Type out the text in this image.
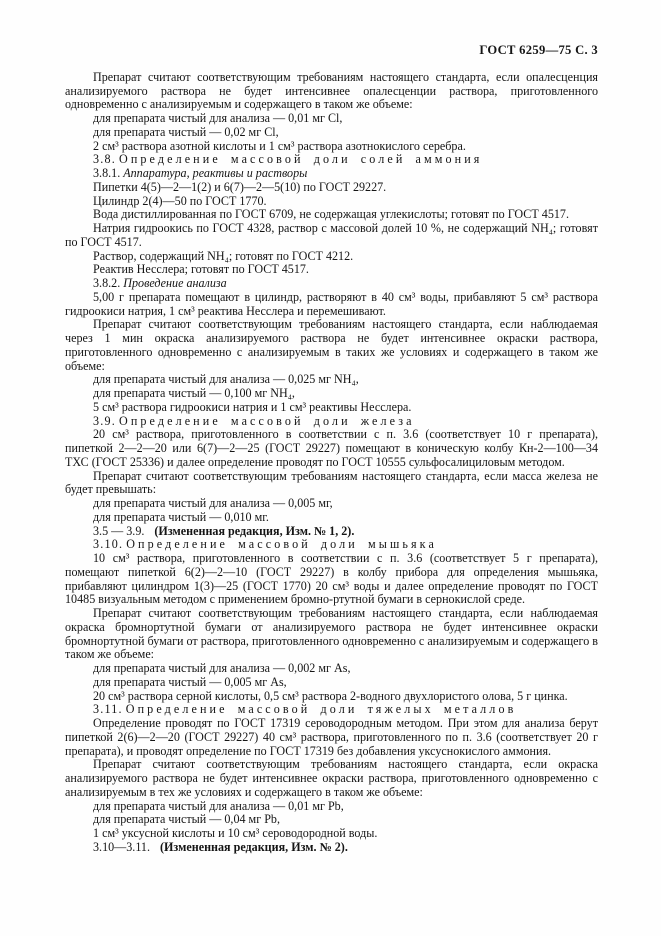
ГОСТ 6259—75 С. 3

Препарат считают соответствующим требованиям настоящего стандарта, если опалесценция анализируемого раствора не будет интенсивнее опалесценции раствора, приготовленного одновременно с анализируемым и содержащего в таком же объеме:

для препарата чистый для анализа — 0,01 мг Cl,

для препарата чистый — 0,02 мг Cl,

2 см³ раствора азотной кислоты и 1 см³ раствора азотнокислого серебра.

3.8. Определение массовой доли солей аммония

3.8.1. Аппаратура, реактивы и растворы

Пипетки 4(5)—2—1(2) и 6(7)—2—5(10) по ГОСТ 29227.

Цилиндр 2(4)—50 по ГОСТ 1770.

Вода дистиллированная по ГОСТ 6709, не содержащая углекислоты; готовят по ГОСТ 4517.

Натрия гидроокись по ГОСТ 4328, раствор с массовой долей 10 %, не содержащий NH₄; готовят по ГОСТ 4517.

Раствор, содержащий NH₄; готовят по ГОСТ 4212.

Реактив Несслера; готовят по ГОСТ 4517.

3.8.2. Проведение анализа

5,00 г препарата помещают в цилиндр, растворяют в 40 см³ воды, прибавляют 5 см³ раствора гидроокиси натрия, 1 см³ реактива Несслера и перемешивают.

Препарат считают соответствующим требованиям настоящего стандарта, если наблюдаемая через 1 мин окраска анализируемого раствора не будет интенсивнее окраски раствора, приготовленного одновременно с анализируемым в таких же условиях и содержащего в таком же объеме:

для препарата чистый для анализа — 0,025 мг NH₄,

для препарата чистый — 0,100 мг NH₄,

5 см³ раствора гидроокиси натрия и 1 см³ реактивы Несслера.

3.9. Определение массовой доли железа

20 см³ раствора, приготовленного в соответствии с п. 3.6 (соответствует 10 г препарата), пипеткой 2—2—20 или 6(7)—2—25 (ГОСТ 29227) помещают в коническую колбу Кн-2—100—34 ТХС (ГОСТ 25336) и далее определение проводят по ГОСТ 10555 сульфосалициловым методом.

Препарат считают соответствующим требованиям настоящего стандарта, если масса железа не будет превышать:

для препарата чистый для анализа — 0,005 мг,

для препарата чистый — 0,010 мг.

3.5 — 3.9. (Измененная редакция, Изм. № 1, 2).

3.10. Определение массовой доли мышьяка

10 см³ раствора, приготовленного в соответствии с п. 3.6 (соответствует 5 г препарата), помещают пипеткой 6(2)—2—10 (ГОСТ 29227) в колбу прибора для определения мышьяка, прибавляют цилиндром 1(3)—25 (ГОСТ 1770) 20 см³ воды и далее определение проводят по ГОСТ 10485 визуальным методом с применением бромно-ртутной бумаги в сернокислой среде.

Препарат считают соответствующим требованиям настоящего стандарта, если наблюдаемая окраска бромнортутной бумаги от анализируемого раствора не будет интенсивнее окраски бромнортутной бумаги от раствора, приготовленного одновременно с анализируемым и содержащего в таком же объеме:

для препарата чистый для анализа — 0,002 мг As,

для препарата чистый — 0,005 мг As,

20 см³ раствора серной кислоты, 0,5 см³ раствора 2-водного двухлористого олова, 5 г цинка.

3.11. Определение массовой доли тяжелых металлов

Определение проводят по ГОСТ 17319 сероводородным методом. При этом для анализа берут пипеткой 2(6)—2—20 (ГОСТ 29227) 40 см³ раствора, приготовленного по п. 3.6 (соответствует 20 г препарата), и проводят определение по ГОСТ 17319 без добавления уксуснокислого аммония.

Препарат считают соответствующим требованиям настоящего стандарта, если окраска анализируемого раствора не будет интенсивнее окраски раствора, приготовленного одновременно с анализируемым в тех же условиях и содержащего в таком же объеме:

для препарата чистый для анализа — 0,01 мг Pb,

для препарата чистый — 0,04 мг Pb,

1 см³ уксусной кислоты и 10 см³ сероводородной воды.

3.10—3.11. (Измененная редакция, Изм. № 2).
